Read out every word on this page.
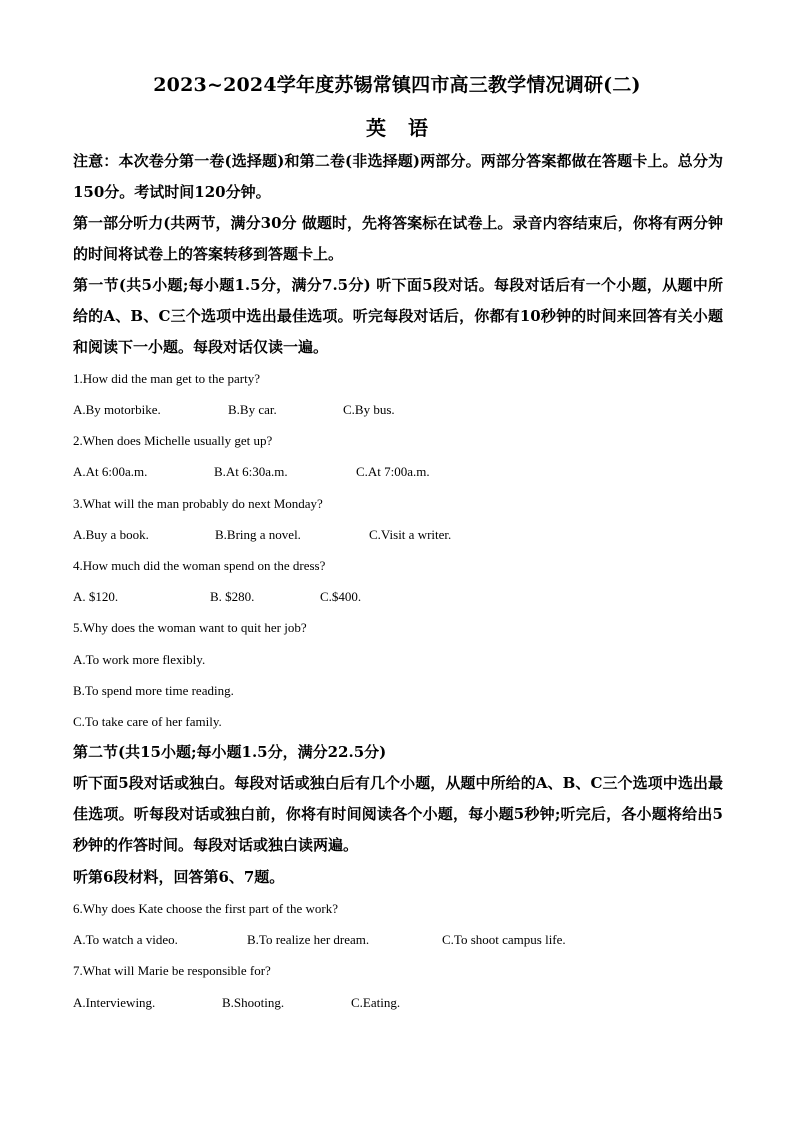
2023~2024学年度苏锡常镇四市高三教学情况调研(二)
英语
注意：本次卷分第一卷(选择题)和第二卷(非选择题)两部分。两部分答案都做在答题卡上。总分为150分。考试时间120分钟。
第一部分听力(共两节，满分30分 做题时，先将答案标在试卷上。录音内容结束后，你将有两分钟的时间将试卷上的答案转移到答题卡上。
第一节(共5小题;每小题1.5分，满分7.5分) 听下面5段对话。每段对话后有一个小题，从题中所给的A、B、C三个选项中选出最佳选项。听完每段对话后，你都有10秒钟的时间来回答有关小题和阅读下一小题。每段对话仅读一遍。
1.How did the man get to the party?
A.By motorbike.	B.By car.	C.By bus.
2.When does Michelle usually get up?
A.At 6:00a.m.	B.At 6:30a.m.	C.At 7:00a.m.
3.What will the man probably do next Monday?
A.Buy a book.	B.Bring a novel.	C.Visit a writer.
4.How much did the woman spend on the dress?
A. $120.	B. $280.	C.$400.
5.Why does the woman want to quit her job?
A.To work more flexibly.
B.To spend more time reading.
C.To take care of her family.
第二节(共15小题;每小题1.5分，满分22.5分)
听下面5段对话或独白。每段对话或独白后有几个小题，从题中所给的A、B、C三个选项中选出最佳选项。听每段对话或独白前，你将有时间阅读各个小题，每小题5秒钟;听完后，各小题将给出5秒钟的作答时间。每段对话或独白读两遍。
听第6段材料，回答第6、7题。
6.Why does Kate choose the first part of the work?
A.To watch a video.	B.To realize her dream.	C.To shoot campus life.
7.What will Marie be responsible for?
A.Interviewing.	B.Shooting.	C.Eating.
